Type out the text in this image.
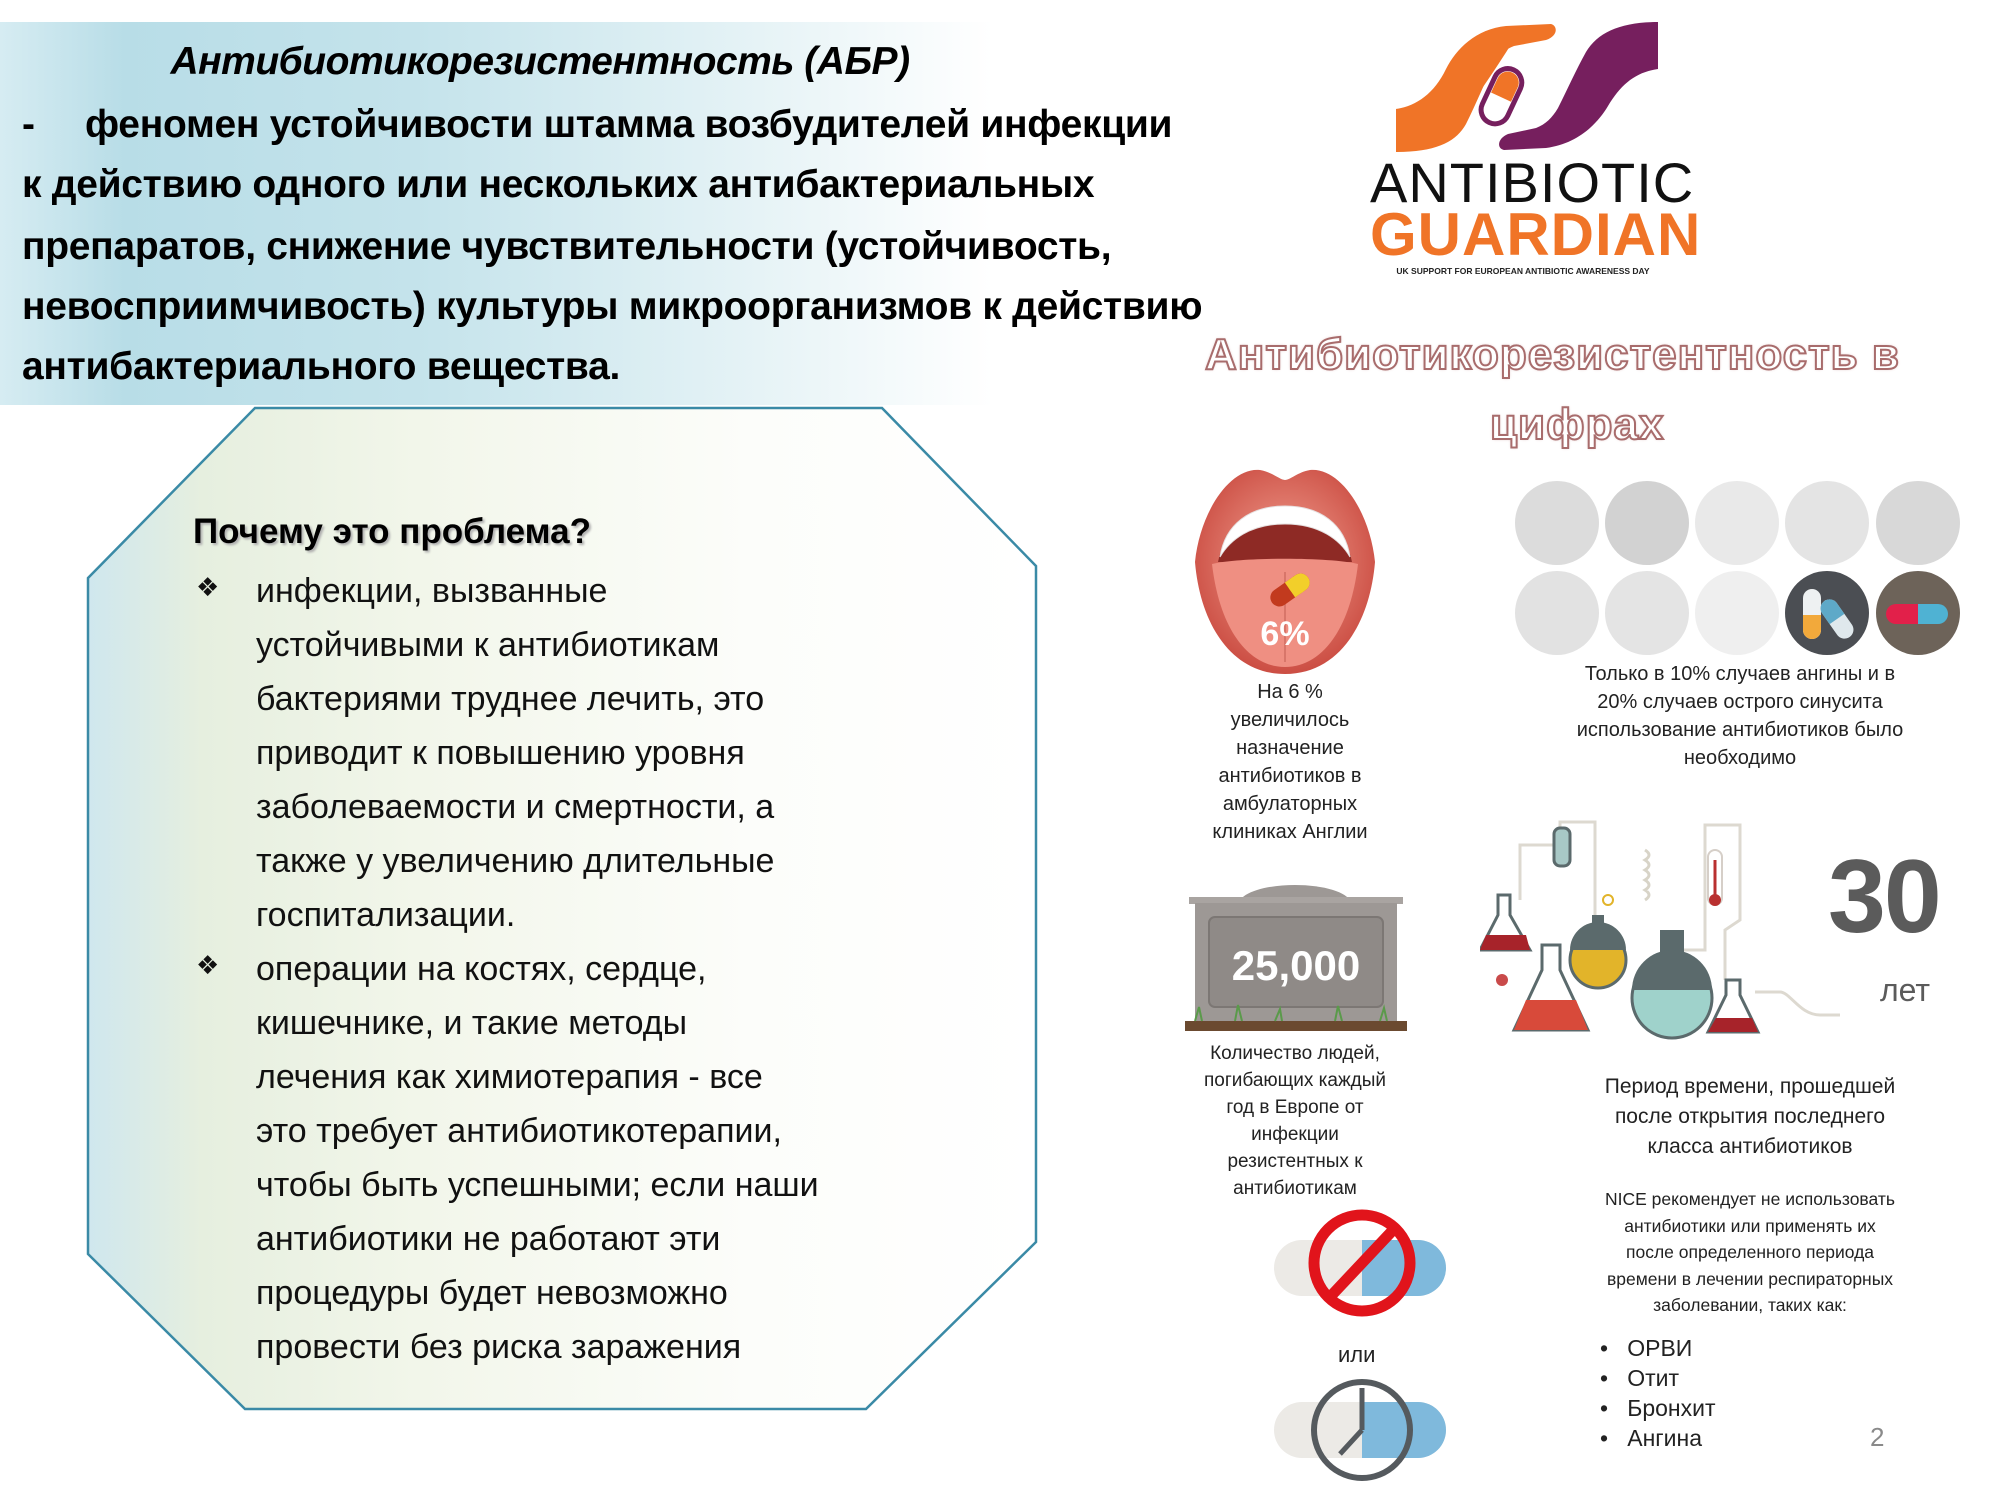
Антибиотикорезистентность (АБР)
- феномен устойчивости штамма возбудителей инфекции
к действию одного или нескольких антибактериальных
препаратов, снижение чувствительности (устойчивость,
невосприимчивость) культуры микроорганизмов к действию
антибактериального вещества.
Почему это проблема?
❖ инфекции, вызванные
устойчивыми к антибиотикам
бактериями труднее лечить, это
приводит к повышению уровня
заболеваемости и смертности, а
также у увеличению длительные
госпитализации.
❖ операции на костях, сердце,
кишечнике, и такие методы
лечения как химиотерапия - все
это требует антибиотикотерапии,
чтобы быть успешными; если наши
антибиотики не работают эти
процедуры будет невозможно
провести без риска заражения
ANTIBIOTIC
GUARDIAN
UK SUPPORT FOR EUROPEAN ANTIBIOTIC AWARENESS DAY
Антибиотикорезистентность в
цифрах
6%
На 6 %
увеличилось
назначение
антибиотиков в
амбулаторных
клиниках Англии
Только в 10% случаев ангины и в
20% случаев острого синусита
использование антибиотиков было
необходимо
25,000
Количество людей,
погибающих каждый
год в Европе от
инфекции
резистентных к
антибиотикам
30
лет
Период времени, прошедшей
после открытия последнего
класса антибиотиков
NICE рекомендует не использовать
антибиотики или применять их
после определенного периода
времени в лечении респираторных
заболевании, таких как:
•   ОРВИ
•   Отит
•   Бронхит
•   Ангина	2
или
